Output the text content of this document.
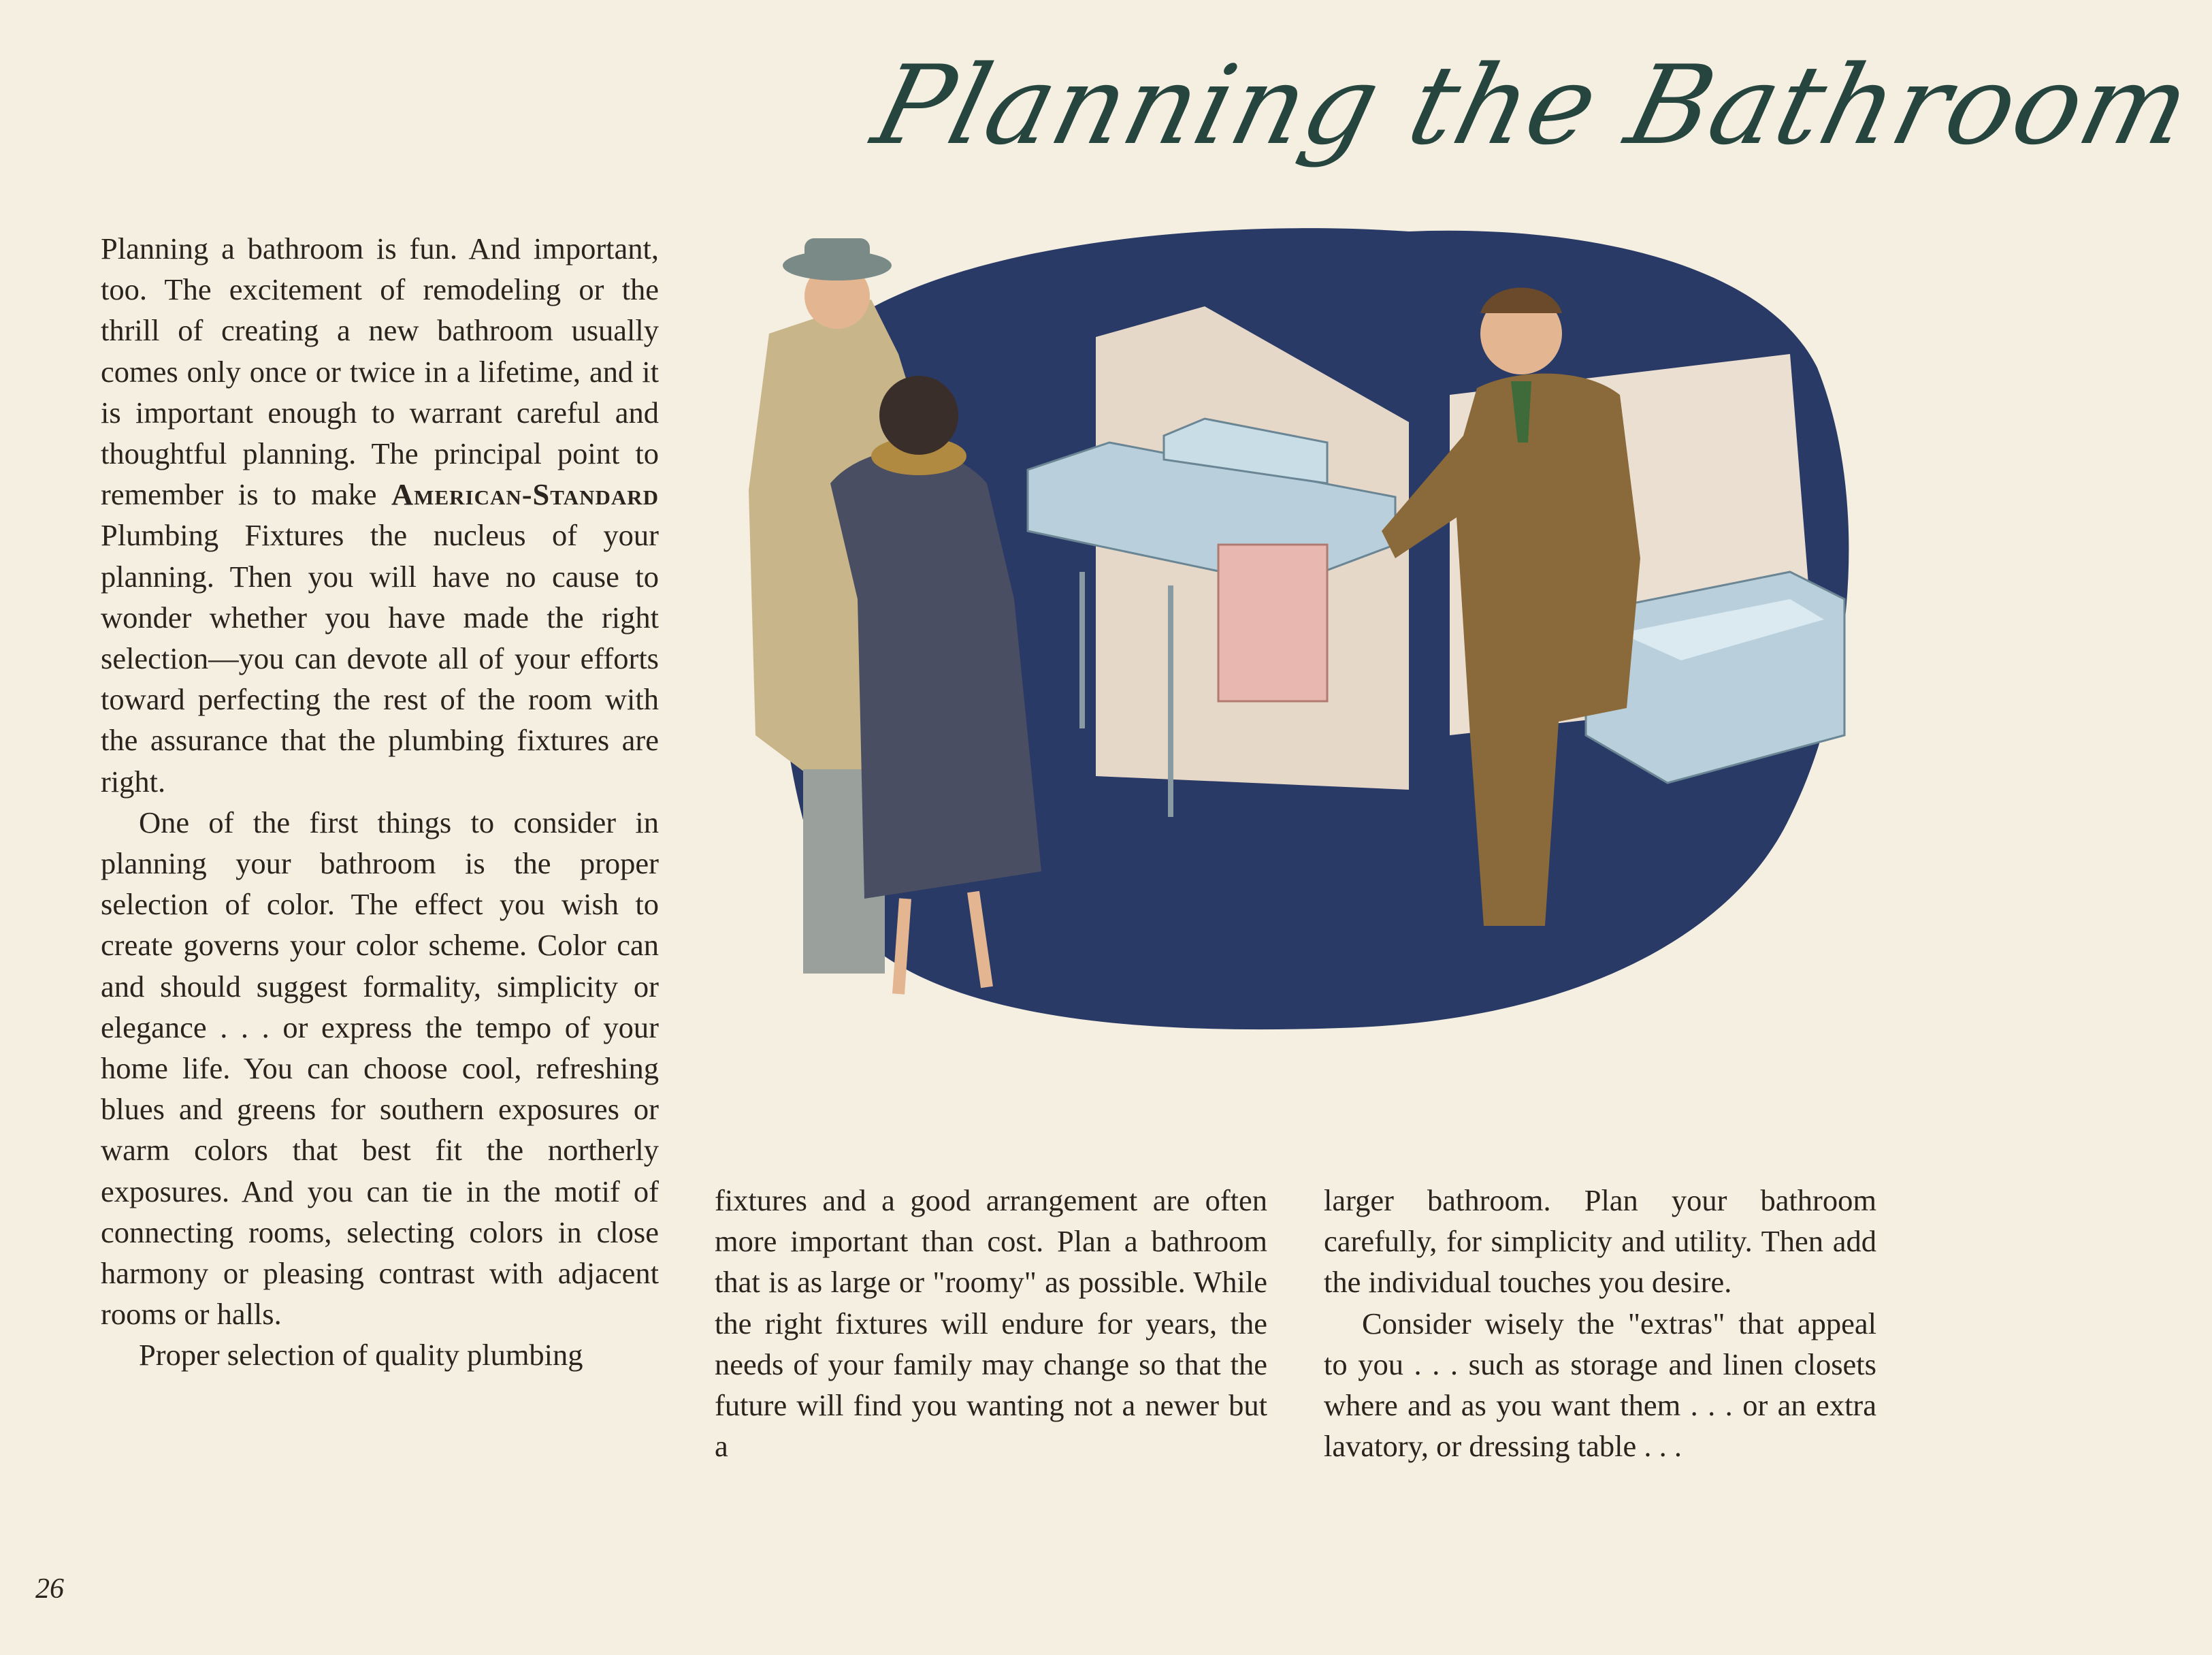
Planning the Bathroom

Planning a bathroom is fun. And important, too. The excitement of remodeling or the thrill of creating a new bathroom usually comes only once or twice in a lifetime, and it is important enough to warrant careful and thoughtful planning. The principal point to remember is to make American-Standard Plumbing Fixtures the nucleus of your planning. Then you will have no cause to wonder whether you have made the right selection—you can devote all of your efforts toward perfecting the rest of the room with the assurance that the plumbing fixtures are right.

One of the first things to consider in planning your bathroom is the proper selection of color. The effect you wish to create governs your color scheme. Color can and should suggest formality, simplicity or elegance . . . or express the tempo of your home life. You can choose cool, refreshing blues and greens for southern exposures or warm colors that best fit the northerly exposures. And you can tie in the motif of connecting rooms, selecting colors in close harmony or pleasing contrast with adjacent rooms or halls.

Proper selection of quality plumbing

fixtures and a good arrangement are often more important than cost. Plan a bathroom that is as large or "roomy" as possible. While the right fixtures will endure for years, the needs of your family may change so that the future will find you wanting not a newer but a

larger bathroom. Plan your bathroom carefully, for simplicity and utility. Then add the individual touches you desire.

Consider wisely the "extras" that appeal to you . . . such as storage and linen closets where and as you want them . . . or an extra lavatory, or dressing table . . .

26
